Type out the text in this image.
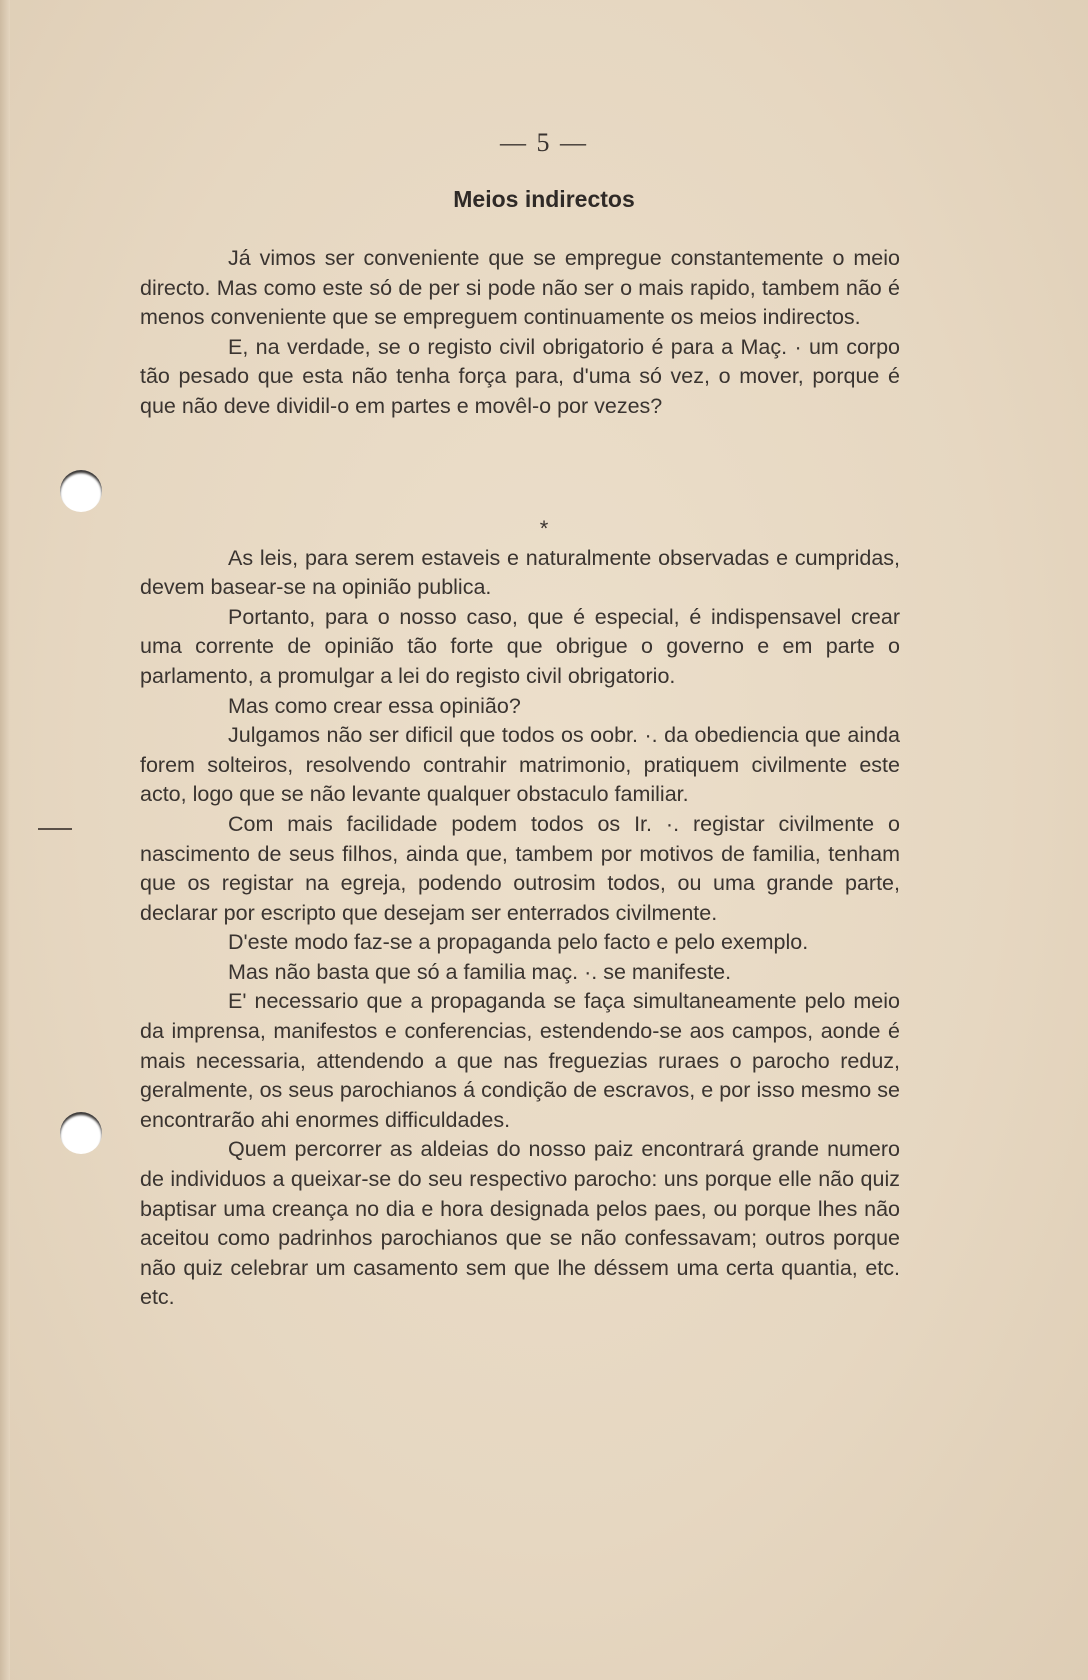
— 5 —
Meios indirectos

Já vimos ser conveniente que se empregue constantemente o meio directo. Mas como este só de per si pode não ser o mais rapido, tambem não é menos conveniente que se empreguem continuamente os meios indirectos.

E, na verdade, se o registo civil obrigatorio é para a Maç. · um corpo tão pesado que esta não tenha força para, d'uma só vez, o mover, porque é que não deve dividil-o em partes e movêl-o por vezes?

As leis, para serem estaveis e naturalmente observadas e cumpridas, devem basear-se na opinião publica.

Portanto, para o nosso caso, que é especial, é indispensavel crear uma corrente de opinião tão forte que obrigue o governo e em parte o parlamento, a promulgar a lei do registo civil obrigatorio.

Mas como crear essa opinião?

Julgamos não ser dificil que todos os oobr. ·. da obediencia que ainda forem solteiros, resolvendo contrahir matrimonio, pratiquem civilmente este acto, logo que se não levante qualquer obstaculo familiar.

Com mais facilidade podem todos os Ir. ·. registar civilmente o nascimento de seus filhos, ainda que, tambem por motivos de familia, tenham que os registar na egreja, podendo outrosim todos, ou uma grande parte, declarar por escripto que desejam ser enterrados civilmente.

D'este modo faz-se a propaganda pelo facto e pelo exemplo.

Mas não basta que só a familia maç. ·. se manifeste.

E' necessario que a propaganda se faça simultaneamente pelo meio da imprensa, manifestos e conferencias, estendendo-se aos campos, aonde é mais necessaria, attendendo a que nas freguezias ruraes o parocho reduz, geralmente, os seus parochianos á condição de escravos, e por isso mesmo se encontrarão ahi enormes difficuldades.

Quem percorrer as aldeias do nosso paiz encontrará grande numero de individuos a queixar-se do seu respectivo parocho: uns porque elle não quiz baptisar uma creança no dia e hora designada pelos paes, ou porque lhes não aceitou como padrinhos parochianos que se não confessavam; outros porque não quiz celebrar um casamento sem que lhe déssem uma certa quantia, etc. etc.

*
